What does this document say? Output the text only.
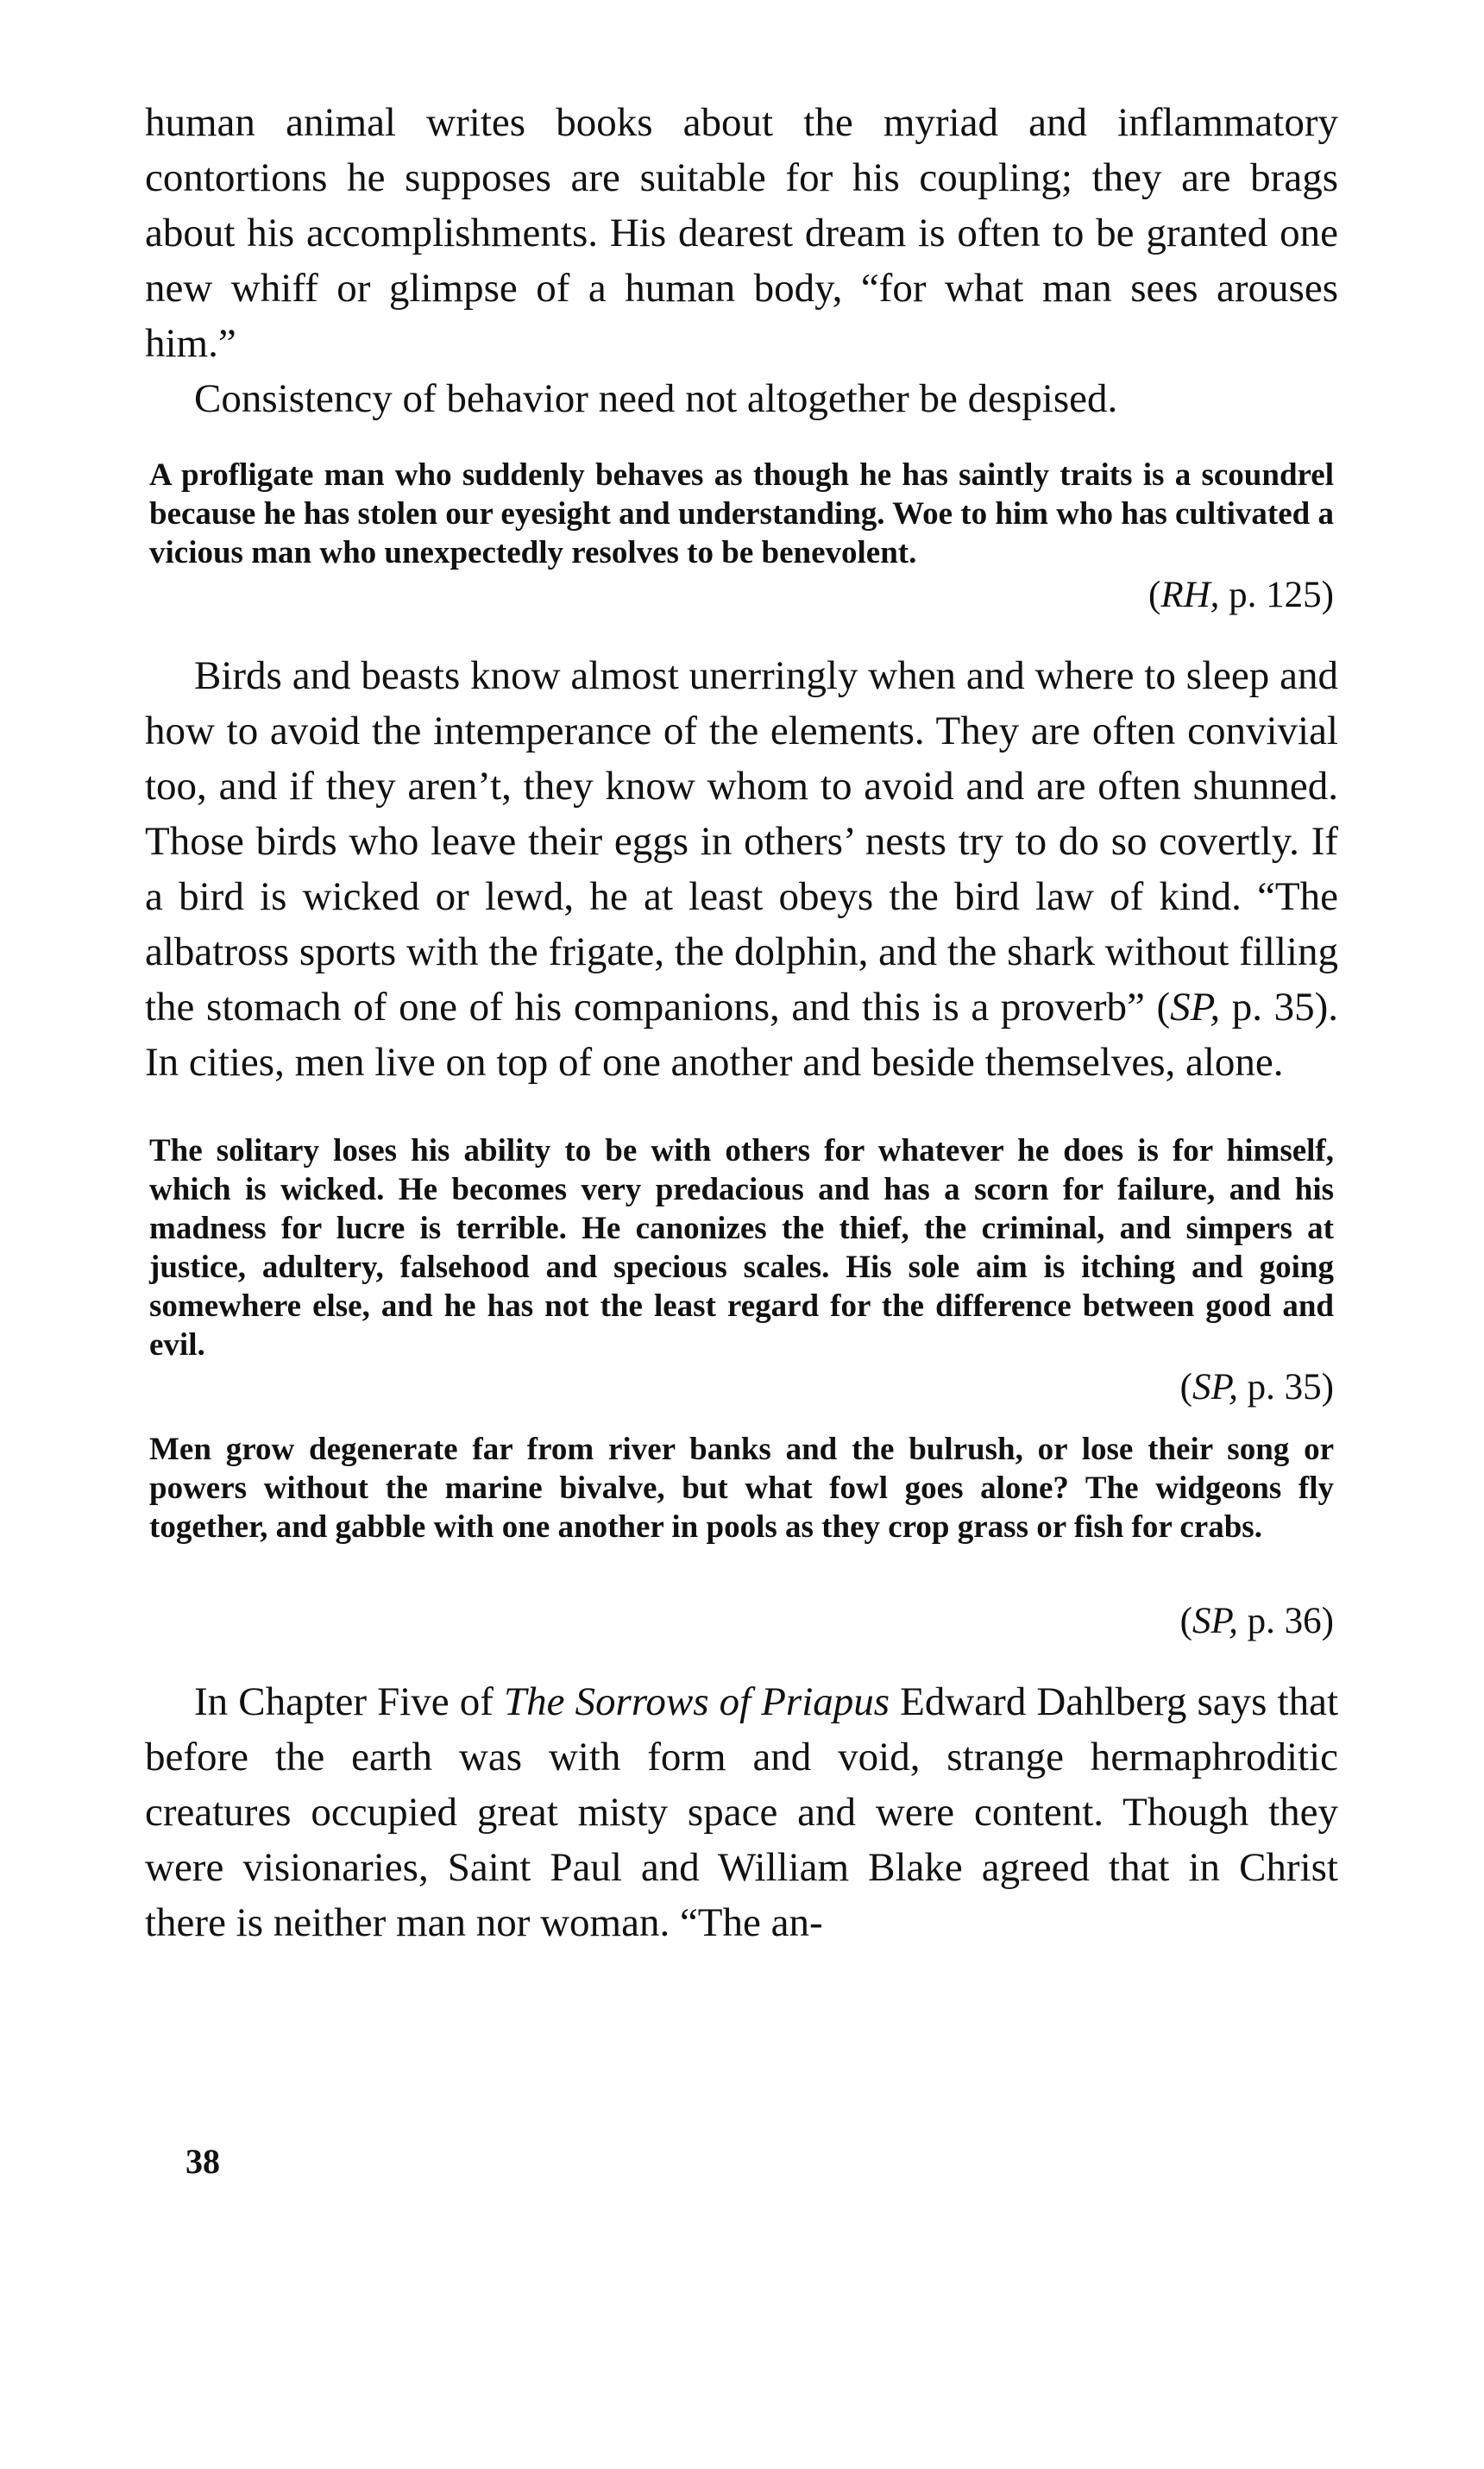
human animal writes books about the myriad and inflammatory contortions he supposes are suitable for his coupling; they are brags about his accomplishments. His dearest dream is often to be granted one new whiff or glimpse of a human body, “for what man sees arouses him.”

Consistency of behavior need not altogether be despised.

A profligate man who suddenly behaves as though he has saintly traits is a scoundrel because he has stolen our eyesight and understanding. Woe to him who has cultivated a vicious man who unexpectedly resolves to be benevolent.

(RH, p. 125)

Birds and beasts know almost unerringly when and where to sleep and how to avoid the intemperance of the elements. They are often convivial too, and if they aren’t, they know whom to avoid and are often shunned. Those birds who leave their eggs in others’ nests try to do so covertly. If a bird is wicked or lewd, he at least obeys the bird law of kind. “The albatross sports with the frigate, the dolphin, and the shark without filling the stomach of one of his companions, and this is a proverb” (SP, p. 35). In cities, men live on top of one another and beside themselves, alone.

The solitary loses his ability to be with others for whatever he does is for himself, which is wicked. He becomes very predacious and has a scorn for failure, and his madness for lucre is terrible. He canonizes the thief, the criminal, and simpers at justice, adultery, falsehood and specious scales. His sole aim is itching and going somewhere else, and he has not the least regard for the difference between good and evil.

(SP, p. 35)

Men grow degenerate far from river banks and the bulrush, or lose their song or powers without the marine bivalve, but what fowl goes alone? The widgeons fly together, and gabble with one another in pools as they crop grass or fish for crabs.

(SP, p. 36)

In Chapter Five of The Sorrows of Priapus Edward Dahlberg says that before the earth was with form and void, strange hermaphroditic creatures occupied great misty space and were content. Though they were visionaries, Saint Paul and William Blake agreed that in Christ there is neither man nor woman. “The an-

38
